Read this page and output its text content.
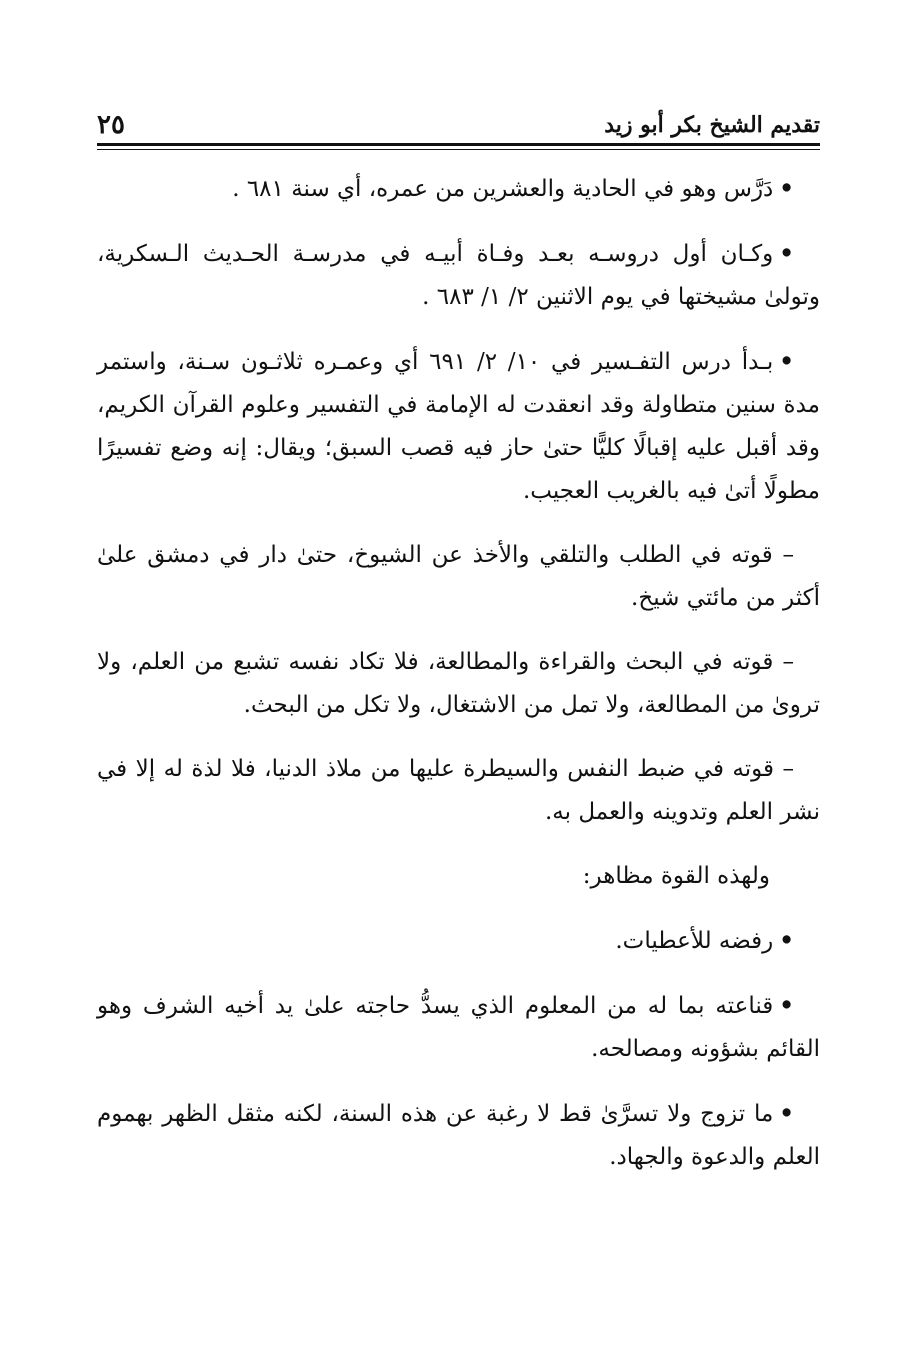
تقديم الشيخ بكر أبو زيد
٢٥

•دَرَّس وهو في الحادية والعشرين من عمره، أي سنة ٦٨١ .

•وكـان أول دروسـه بعـد وفـاة أبيـه في مدرسـة الحـديث الـسكرية، وتولىٰ مشيختها في يوم الاثنين ٢/ ١/ ٦٨٣ .

•بـدأ درس التفـسير في ١٠/ ٢/ ٦٩١ أي وعمـره ثلاثـون سـنة، واستمر مدة سنين متطاولة وقد انعقدت له الإمامة في التفسير وعلوم القرآن الكريم، وقد أقبل عليه إقبالًا كليًّا حتىٰ حاز فيه قصب السبق؛ ويقال: إنه وضع تفسيرًا مطولًا أتىٰ فيه بالغريب العجيب.

– قوته في الطلب والتلقي والأخذ عن الشيوخ، حتىٰ دار في دمشق علىٰ أكثر من مائتي شيخ.

– قوته في البحث والقراءة والمطالعة، فلا تكاد نفسه تشبع من العلم، ولا ترویٰ من المطالعة، ولا تمل من الاشتغال، ولا تكل من البحث.

– قوته في ضبط النفس والسيطرة عليها من ملاذ الدنيا، فلا لذة له إلا في نشر العلم وتدوينه والعمل به.

ولهذه القوة مظاهر:

•رفضه للأعطيات.

•قناعته بما له من المعلوم الذي يسدُّ حاجته علىٰ يد أخيه الشرف وهو القائم بشؤونه ومصالحه.

•ما تزوج ولا تسرَّىٰ قط لا رغبة عن هذه السنة، لكنه مثقل الظهر بهموم العلم والدعوة والجهاد.
